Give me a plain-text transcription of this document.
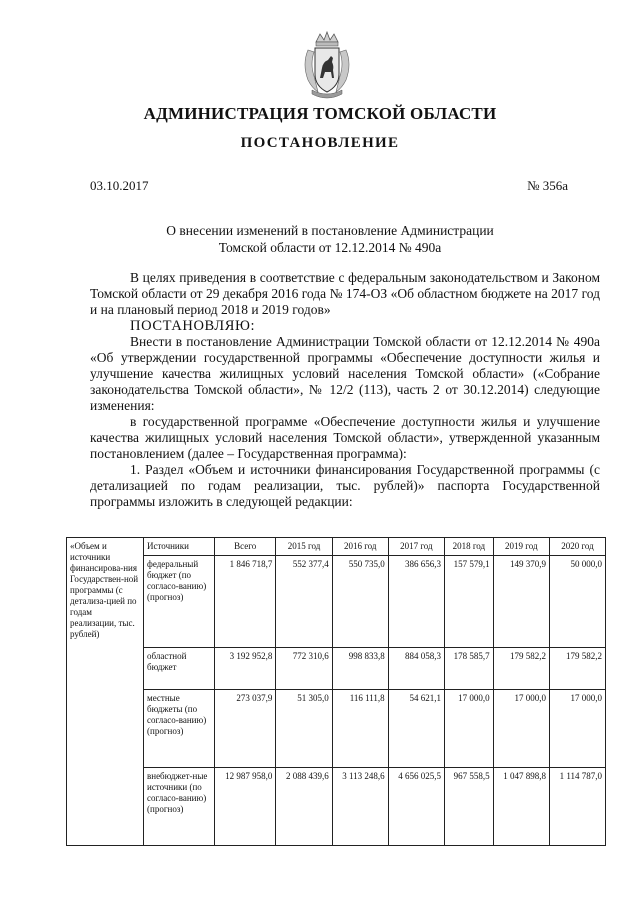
АДМИНИСТРАЦИЯ ТОМСКОЙ ОБЛАСТИ
ПОСТАНОВЛЕНИЕ
03.10.2017	№ 356а
О внесении изменений в постановление Администрации
Томской области от 12.12.2014 № 490а

В целях приведения в соответствие с федеральным законодательством и Законом Томской области от 29 декабря 2016 года № 174-ОЗ «Об областном бюджете на 2017 год и на плановый период 2018 и 2019 годов»

ПОСТАНОВЛЯЮ:

Внести в постановление Администрации Томской области от 12.12.2014 № 490а «Об утверждении государственной программы «Обеспечение доступности жилья и улучшение качества жилищных условий населения Томской области» («Собрание законодательства Томской области», № 12/2 (113), часть 2 от 30.12.2014) следующие изменения:

в государственной программе «Обеспечение доступности жилья и улучшение качества жилищных условий населения Томской области», утвержденной указанным постановлением (далее – Государственная программа):

1. Раздел «Объем и источники финансирования Государственной программы (с детализацией по годам реализации, тыс. рублей)» паспорта Государственной программы изложить в следующей редакции:

«Объем и источники финансирова-ния Государствен-ной программы (с детализа-цией по годам реализации, тыс. рублей)	Источники	Всего	2015 год	2016 год	2017 год	2018 год	2019 год	2020 год
	федеральный бюджет (по согласо-ванию) (прогноз)	1 846 718,7	552 377,4	550 735,0	386 656,3	157 579,1	149 370,9	50 000,0
	областной бюджет	3 192 952,8	772 310,6	998 833,8	884 058,3	178 585,7	179 582,2	179 582,2
	местные бюджеты (по согласо-ванию) (прогноз)	273 037,9	51 305,0	116 111,8	54 621,1	17 000,0	17 000,0	17 000,0
	внебюджет-ные источники (по согласо-ванию) (прогноз)	12 987 958,0	2 088 439,6	3 113 248,6	4 656 025,5	967 558,5	1 047 898,8	1 114 787,0
